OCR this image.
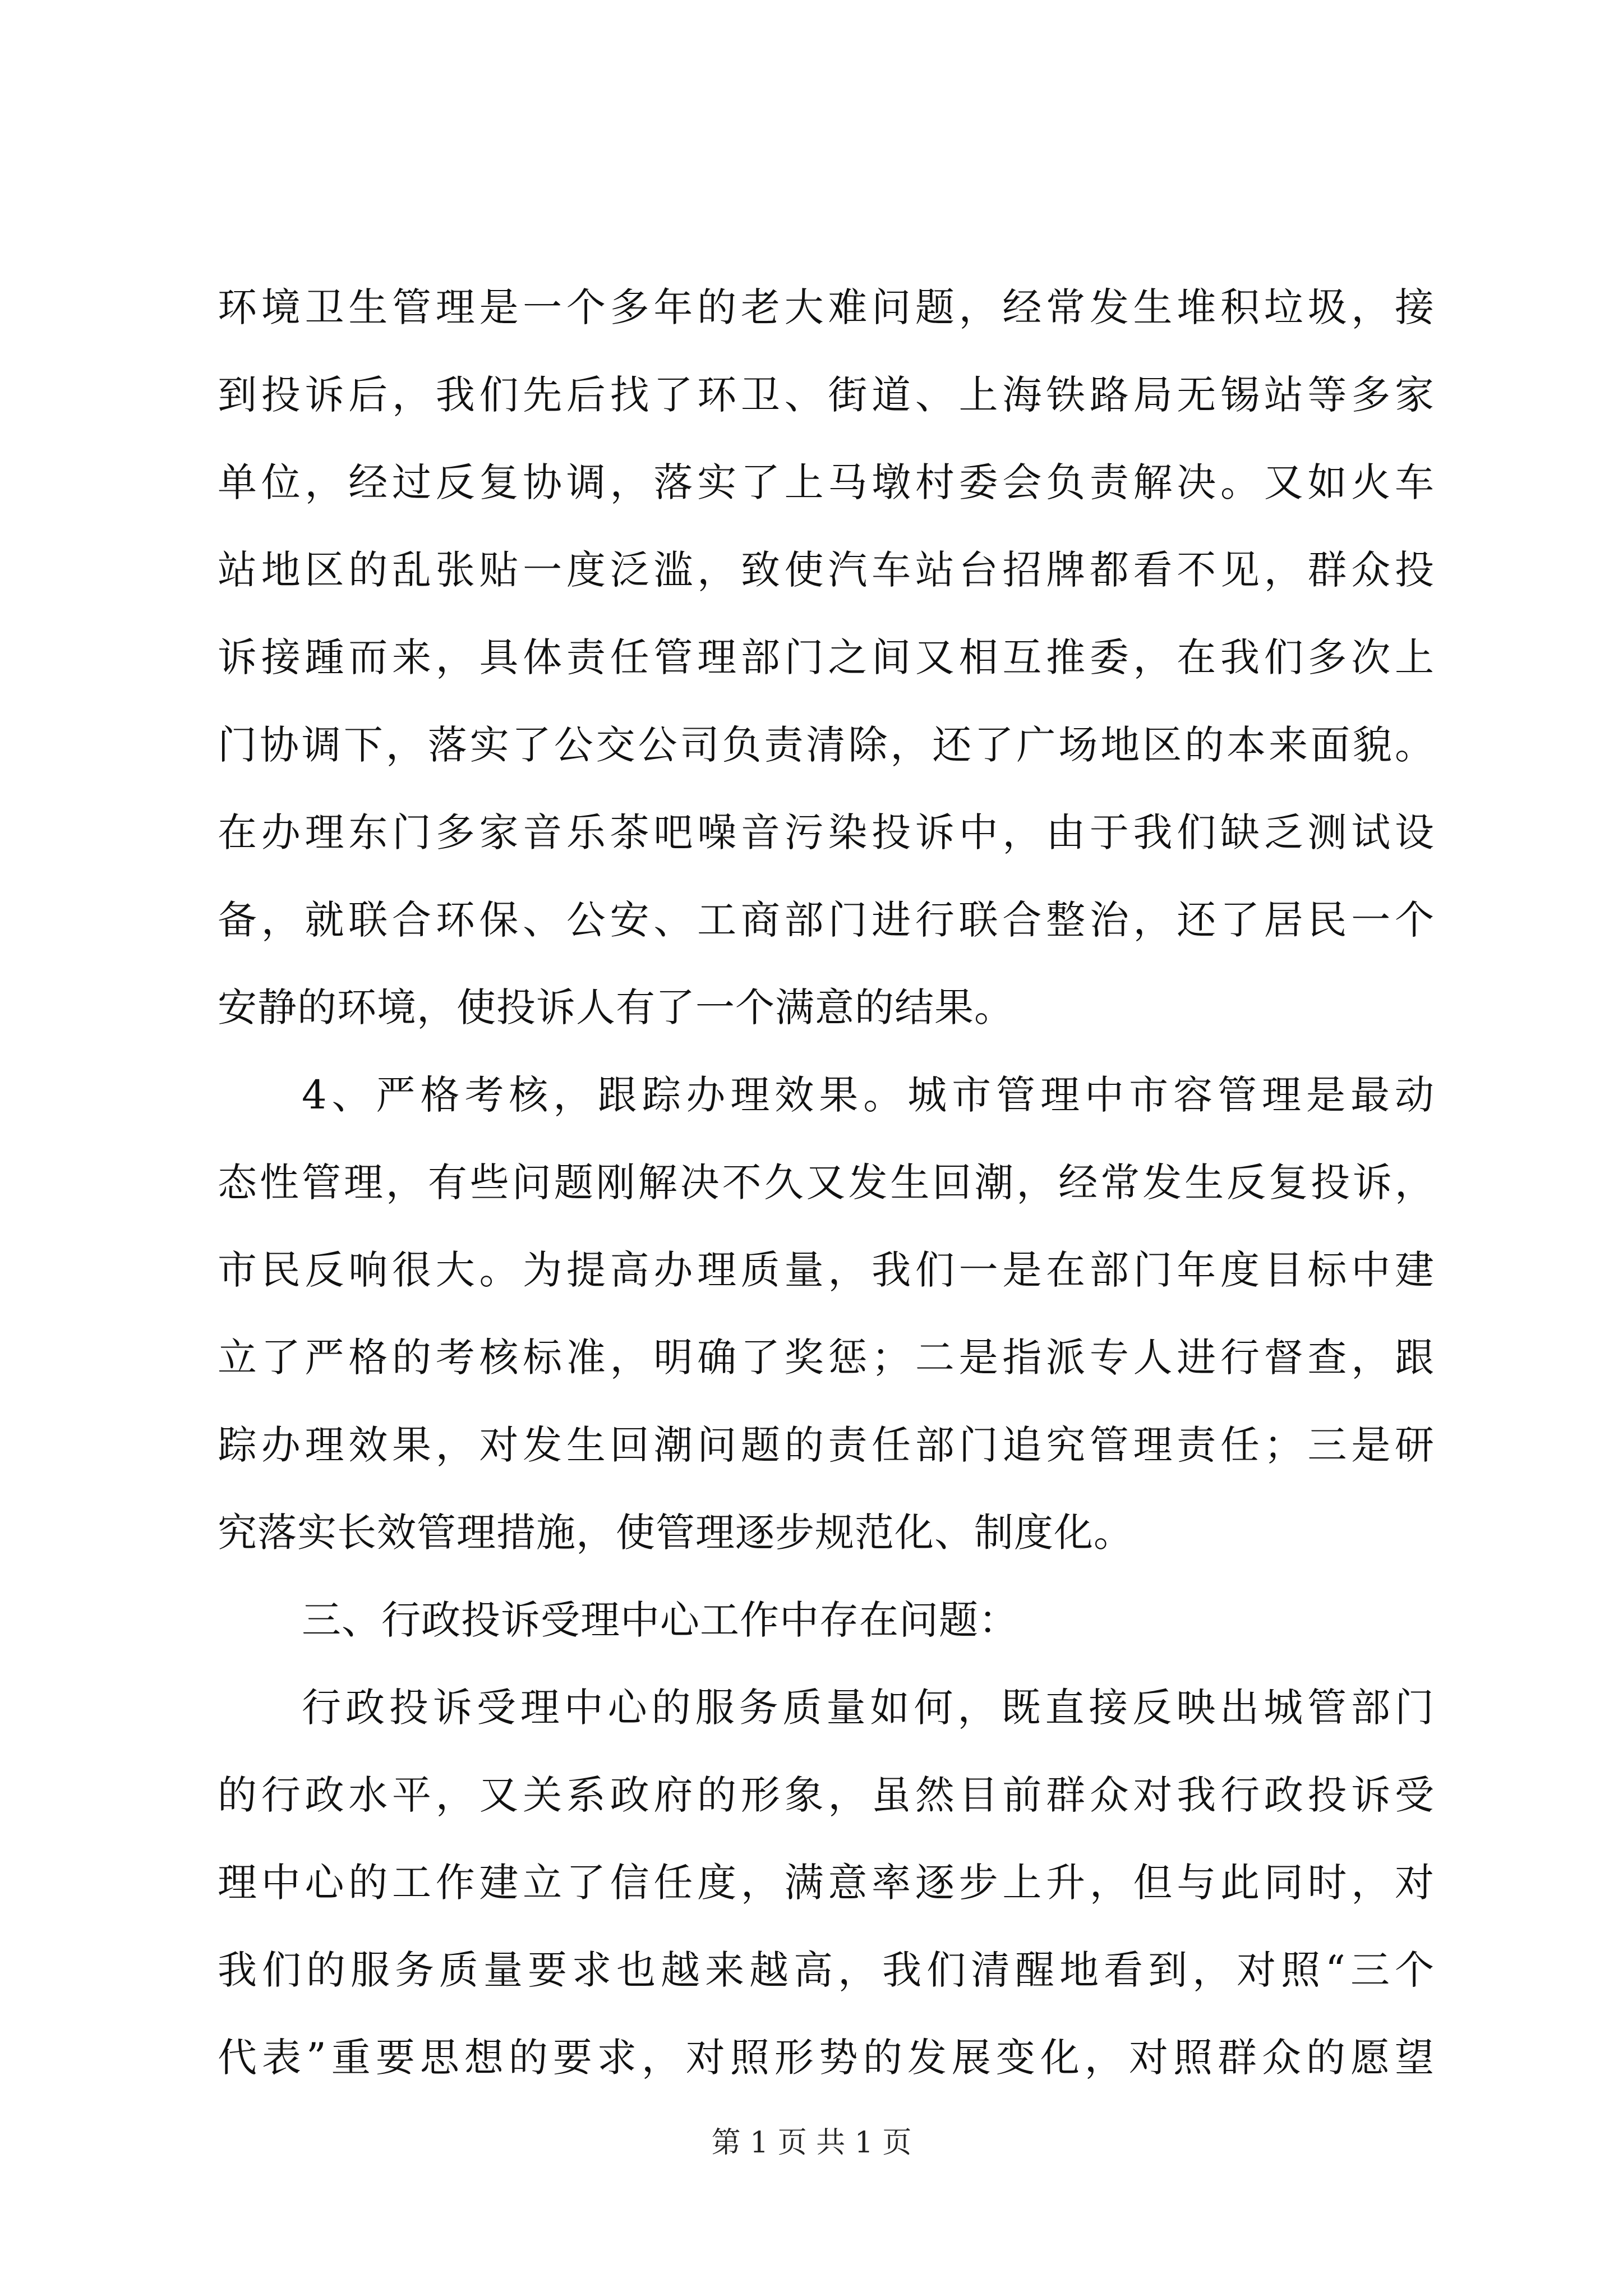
环境卫生管理是一个多年的老大难问题，经常发生堆积垃圾，接
到投诉后，我们先后找了环卫、街道、上海铁路局无锡站等多家
单位，经过反复协调，落实了上马墩村委会负责解决。又如火车
站地区的乱张贴一度泛滥，致使汽车站台招牌都看不见，群众投
诉接踵而来，具体责任管理部门之间又相互推委，在我们多次上
门协调下，落实了公交公司负责清除，还了广场地区的本来面貌。
在办理东门多家音乐茶吧噪音污染投诉中，由于我们缺乏测试设
备，就联合环保、公安、工商部门进行联合整治，还了居民一个
安静的环境，使投诉人有了一个满意的结果。
4、严格考核，跟踪办理效果。城市管理中市容管理是最动
态性管理，有些问题刚解决不久又发生回潮，经常发生反复投诉，
市民反响很大。为提高办理质量，我们一是在部门年度目标中建
立了严格的考核标准，明确了奖惩；二是指派专人进行督查，跟
踪办理效果，对发生回潮问题的责任部门追究管理责任；三是研
究落实长效管理措施，使管理逐步规范化、制度化。
三、行政投诉受理中心工作中存在问题：
行政投诉受理中心的服务质量如何，既直接反映出城管部门
的行政水平，又关系政府的形象，虽然目前群众对我行政投诉受
理中心的工作建立了信任度，满意率逐步上升，但与此同时，对
我们的服务质量要求也越来越高，我们清醒地看到，对照“三个
代表”重要思想的要求，对照形势的发展变化，对照群众的愿望
第 1 页 共 1 页
